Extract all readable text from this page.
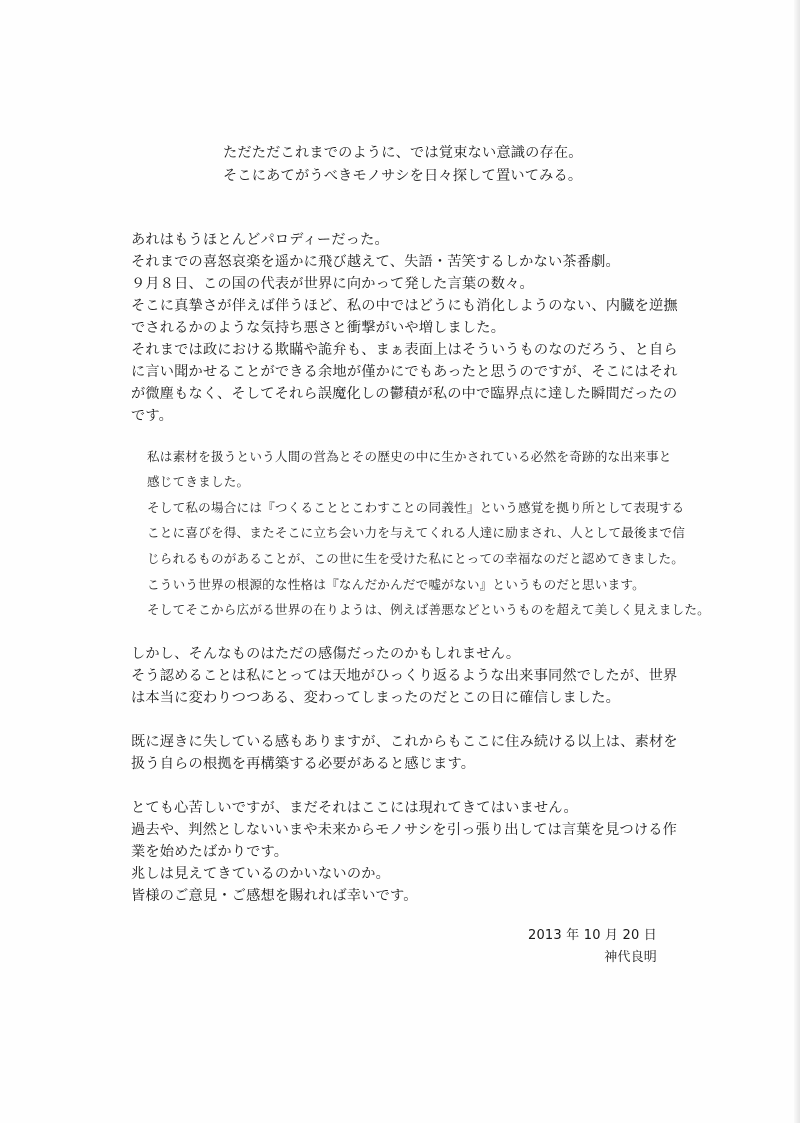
ただただこれまでのように、では覚束ない意識の存在。

そこにあてがうべきモノサシを日々探して置いてみる。

あれはもうほとんどパロディーだった。

それまでの喜怒哀楽を遥かに飛び越えて、失語・苦笑するしかない茶番劇。

９月８日、この国の代表が世界に向かって発した言葉の数々。

そこに真摯さが伴えば伴うほど、私の中ではどうにも消化しようのない、内臓を逆撫

でされるかのような気持ち悪さと衝撃がいや増しました。

それまでは政における欺瞞や詭弁も、まぁ表面上はそういうものなのだろう、と自ら

に言い聞かせることができる余地が僅かにでもあったと思うのですが、そこにはそれ

が微塵もなく、そしてそれら誤魔化しの鬱積が私の中で臨界点に達した瞬間だったの

です。

私は素材を扱うという人間の営為とその歴史の中に生かされている必然を奇跡的な出来事と

感じてきました。

そして私の場合には『つくることとこわすことの同義性』という感覚を拠り所として表現する

ことに喜びを得、またそこに立ち会い力を与えてくれる人達に励まされ、人として最後まで信

じられるものがあることが、この世に生を受けた私にとっての幸福なのだと認めてきました。

こういう世界の根源的な性格は『なんだかんだで嘘がない』というものだと思います。

そしてそこから広がる世界の在りようは、例えば善悪などというものを超えて美しく見えました。

しかし、そんなものはただの感傷だったのかもしれません。

そう認めることは私にとっては天地がひっくり返るような出来事同然でしたが、世界

は本当に変わりつつある、変わってしまったのだとこの日に確信しました。

既に遅きに失している感もありますが、これからもここに住み続ける以上は、素材を

扱う自らの根拠を再構築する必要があると感じます。

とても心苦しいですが、まだそれはここには現れてきてはいません。

過去や、判然としないいまや未来からモノサシを引っ張り出しては言葉を見つける作

業を始めたばかりです。

兆しは見えてきているのかいないのか。

皆様のご意見・ご感想を賜れれば幸いです。

2013 年 10 月 20 日

神代良明
